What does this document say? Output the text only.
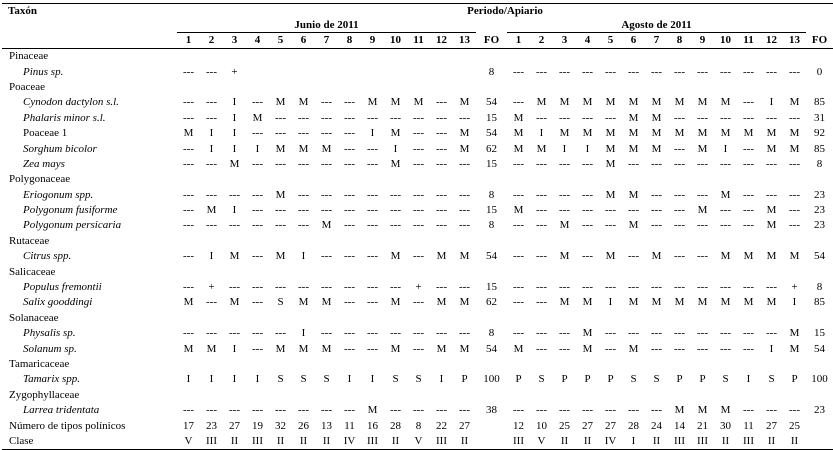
Taxón	Periodo/Apiario																											
	Junio de 2011														Agosto de 2011													
	1	2	3	4	5	6	7	8	9	10	11	12	13	FO	1	2	3	4	5	6	7	8	9	10	11	12	13	FO
Pinaceae																												
Pinus sp.	---	---	+											8	---	---	---	---	---	---	---	---	---	---	---	---	---	0
Poaceae																												
Cynodon dactylon s.l.	---	---	I	---	M	M	---	---	M	M	M	---	M	54	---	M	M	M	M	M	M	M	M	M	---	I	M	85
Phalaris minor s.l.	---	---	I	M	---	---	---	---	---	---	---	---	---	15	M	---	---	---	---	M	M	---	---	---	---	---	---	31
Poaceae 1	M	I	I	---	---	---	---	---	I	M	---	---	M	54	M	I	M	M	M	M	M	M	M	M	M	M	M	92
Sorghum bicolor	---	I	I	I	M	M	M	---	---	I	---	---	M	62	M	M	I	I	M	M	M	---	M	I	---	M	M	85
Zea mays	---	---	M	---	---	---	---	---	---	M	---	---	---	15	---	---	---	---	M	---	---	---	---	---	---	---	---	8
Polygonaceae																												
Eriogonum spp.	---	---	---	---	M	---	---	---	---	---	---	---	---	8	---	---	---	---	M	M	---	---	---	M	---	---	---	23
Polygonum fusiforme	---	M	I	---	---	---	---	---	---	---	---	---	---	15	M	---	---	---	---	---	---	---	M	---	---	M	---	23
Polygonum persicaria	---	---	---	---	---	---	M	---	---	---	---	---	---	8	---	---	M	---	---	M	---	---	---	---	---	M	---	23
Rutaceae																												
Citrus spp.	---	I	M	---	M	I	---	---	---	M	---	M	M	54	---	---	M	---	M	---	M	---	---	M	M	M	M	54
Salicaceae																												
Populus fremontii	---	+	---	---	---	---	---	---	---	---	+	---	---	15	---	---	---	---	---	---	---	---	---	---	---	---	+	8
Salix gooddingi	M	---	M	---	S	M	M	---	---	M	---	M	M	62	---	---	M	M	I	M	M	M	M	M	M	M	I	85
Solanaceae																												
Physalis sp.	---	---	---	---	---	I	---	---	---	---	---	---	---	8	---	---	---	M	---	---	---	---	---	---	---	---	M	15
Solanum sp.	M	M	I	---	M	M	M	---	---	M	---	M	M	54	M	---	---	M	---	M	---	---	---	---	---	I	M	54
Tamaricaceae																												
Tamarix spp.	I	I	I	I	S	S	S	I	I	S	S	I	P	100	P	S	P	P	P	S	S	P	P	S	I	S	P	100
Zygophyllaceae																												
Larrea tridentata	---	---	---	---	---	---	---	---	M	---	---	---	---	38	---	---	---	---	---	---	---	M	M	M	---	---	---	23
Número de tipos polínicos	17	23	27	19	32	26	13	11	16	28	8	22	27		12	10	25	27	27	28	24	14	21	30	11	27	25	
Clase	V	III	II	III	II	II	II	IV	III	II	V	III	II		III	V	II	II	IV	I	II	III	III	II	III	II	II	
